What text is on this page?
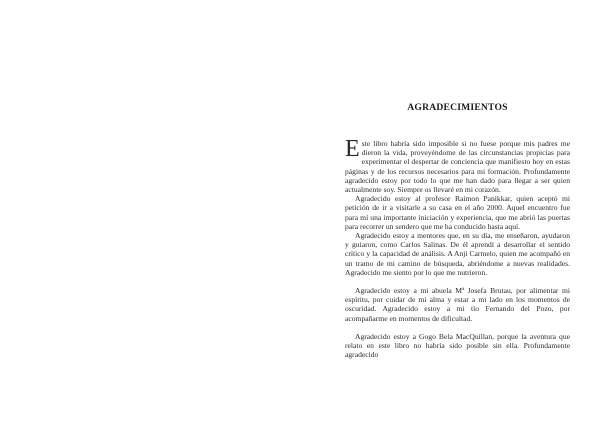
AGRADECIMIENTOS

Este libro habría sido imposible si no fuese porque mis padres me dieron la vida, proveyéndome de las circunstancias propicias para experimentar el despertar de conciencia que manifiesto hoy en estas páginas y de los recursos necesarios para mi formación. Profundamente agradecido estoy por todo lo que me han dado para llegar a ser quien actualmente soy. Siempre os llevaré en mi corazón.

Agradecido estoy al profesor Raimon Panikkar, quien aceptó mi petición de ir a visitarle a su casa en el año 2000. Aquel encuentro fue para mí una importante iniciación y experiencia, que me abrió las puertas para recorrer un sendero que me ha conducido hasta aquí.

Agradecido estoy a mentores que, en su día, me enseñaron, ayudaron y guiaron, como Carlos Salinas. De él aprendí a desarrollar el sentido crítico y la capacidad de análisis. A Anji Carmelo, quien me acompañó en un tramo de mi camino de búsqueda, abriéndome a nuevas realidades. Agradecido me siento por lo que me nutrieron.

Agradecido estoy a mi abuela Mª Josefa Brutau, por alimentar mi espíritu, por cuidar de mi alma y estar a mi lado en los momentos de oscuridad. Agradecido estoy a mi tío Fernando del Pozo, por acompañarme en momentos de dificultad.

Agradecido estoy a Gogo Bela MacQuillan, porque la aventura que relato en este libro no habría sido posible sin ella. Profundamente agradecido
